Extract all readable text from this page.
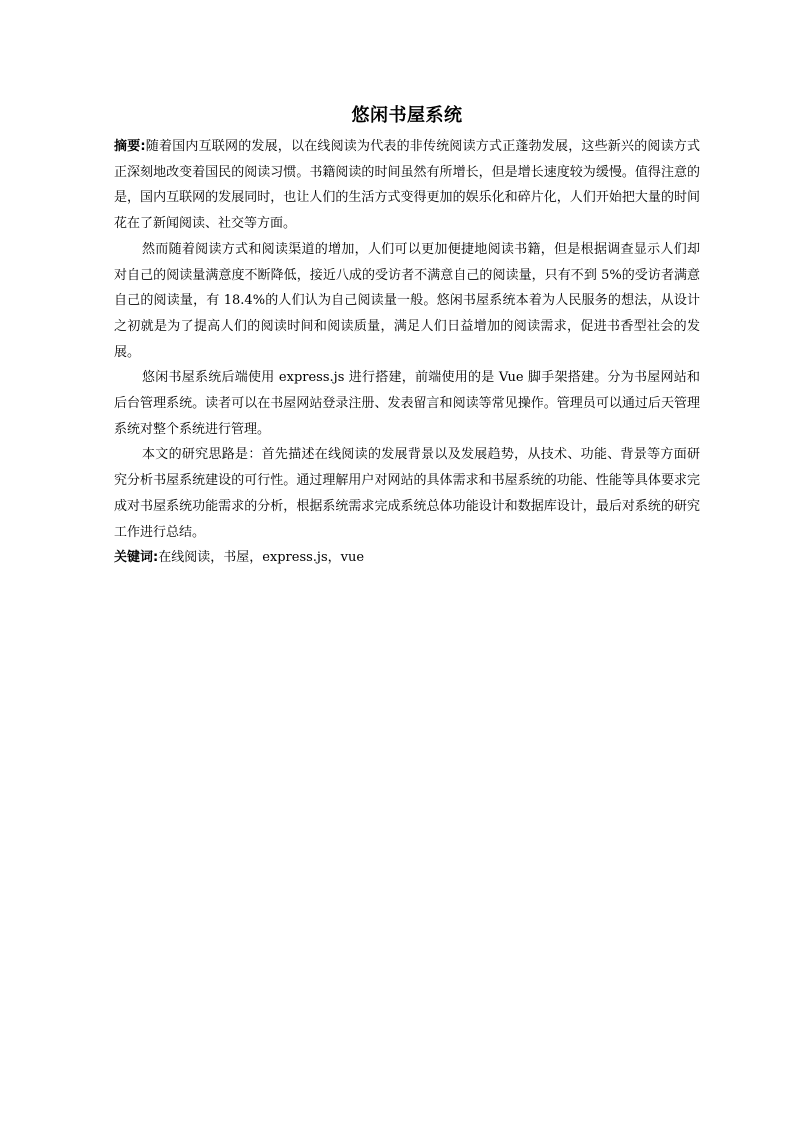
悠闲书屋系统

摘要:随着国内互联网的发展，以在线阅读为代表的非传统阅读方式正蓬勃发展，这些新兴的阅读方式正深刻地改变着国民的阅读习惯。书籍阅读的时间虽然有所增长，但是增长速度较为缓慢。值得注意的是，国内互联网的发展同时，也让人们的生活方式变得更加的娱乐化和碎片化，人们开始把大量的时间花在了新闻阅读、社交等方面。

然而随着阅读方式和阅读渠道的增加，人们可以更加便捷地阅读书籍，但是根据调查显示人们却对自己的阅读量满意度不断降低，接近八成的受访者不满意自己的阅读量，只有不到 5%的受访者满意自己的阅读量，有 18.4%的人们认为自己阅读量一般。悠闲书屋系统本着为人民服务的想法，从设计之初就是为了提高人们的阅读时间和阅读质量，满足人们日益增加的阅读需求，促进书香型社会的发展。

悠闲书屋系统后端使用 express.js 进行搭建，前端使用的是 Vue 脚手架搭建。分为书屋网站和后台管理系统。读者可以在书屋网站登录注册、发表留言和阅读等常见操作。管理员可以通过后天管理系统对整个系统进行管理。

本文的研究思路是：首先描述在线阅读的发展背景以及发展趋势，从技术、功能、背景等方面研究分析书屋系统建设的可行性。通过理解用户对网站的具体需求和书屋系统的功能、性能等具体要求完成对书屋系统功能需求的分析，根据系统需求完成系统总体功能设计和数据库设计，最后对系统的研究工作进行总结。

关键词:在线阅读，书屋，express.js，vue
